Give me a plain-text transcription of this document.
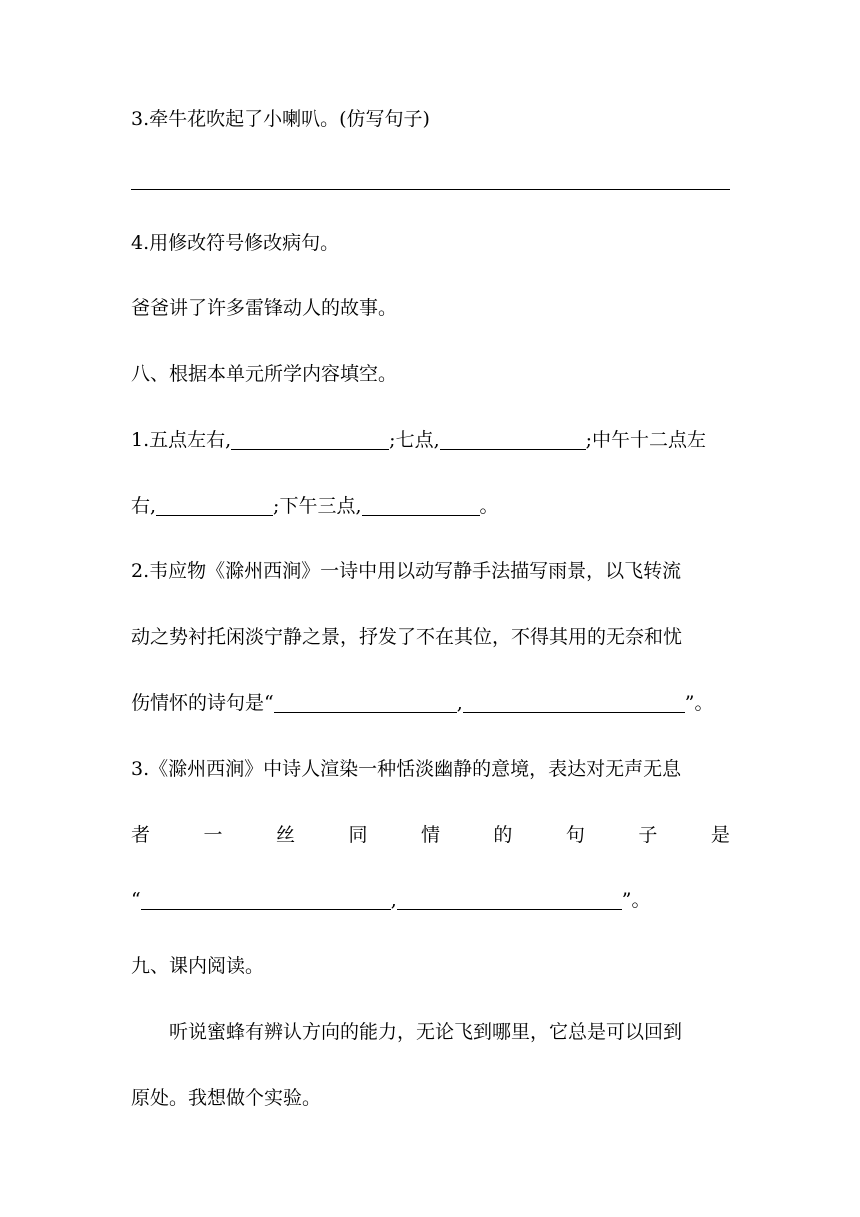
3.牵牛花吹起了小喇叭。(仿写句子)
4.用修改符号修改病句。
爸爸讲了许多雷锋动人的故事。
八、根据本单元所学内容填空。
1.五点左右,	;七点,	;中午十二点左
右,	;下午三点,	。
2.韦应物《滁州西涧》一诗中用以动写静手法描写雨景，以飞转流
动之势衬托闲淡宁静之景，抒发了不在其位，不得其用的无奈和忧
伤情怀的诗句是“	,	”。
3.《滁州西涧》中诗人渲染一种恬淡幽静的意境，表达对无声无息
者	一	丝	同	情	的	句	子	是
“	,	”。
九、课内阅读。
听说蜜蜂有辨认方向的能力，无论飞到哪里，它总是可以回到
原处。我想做个实验。
